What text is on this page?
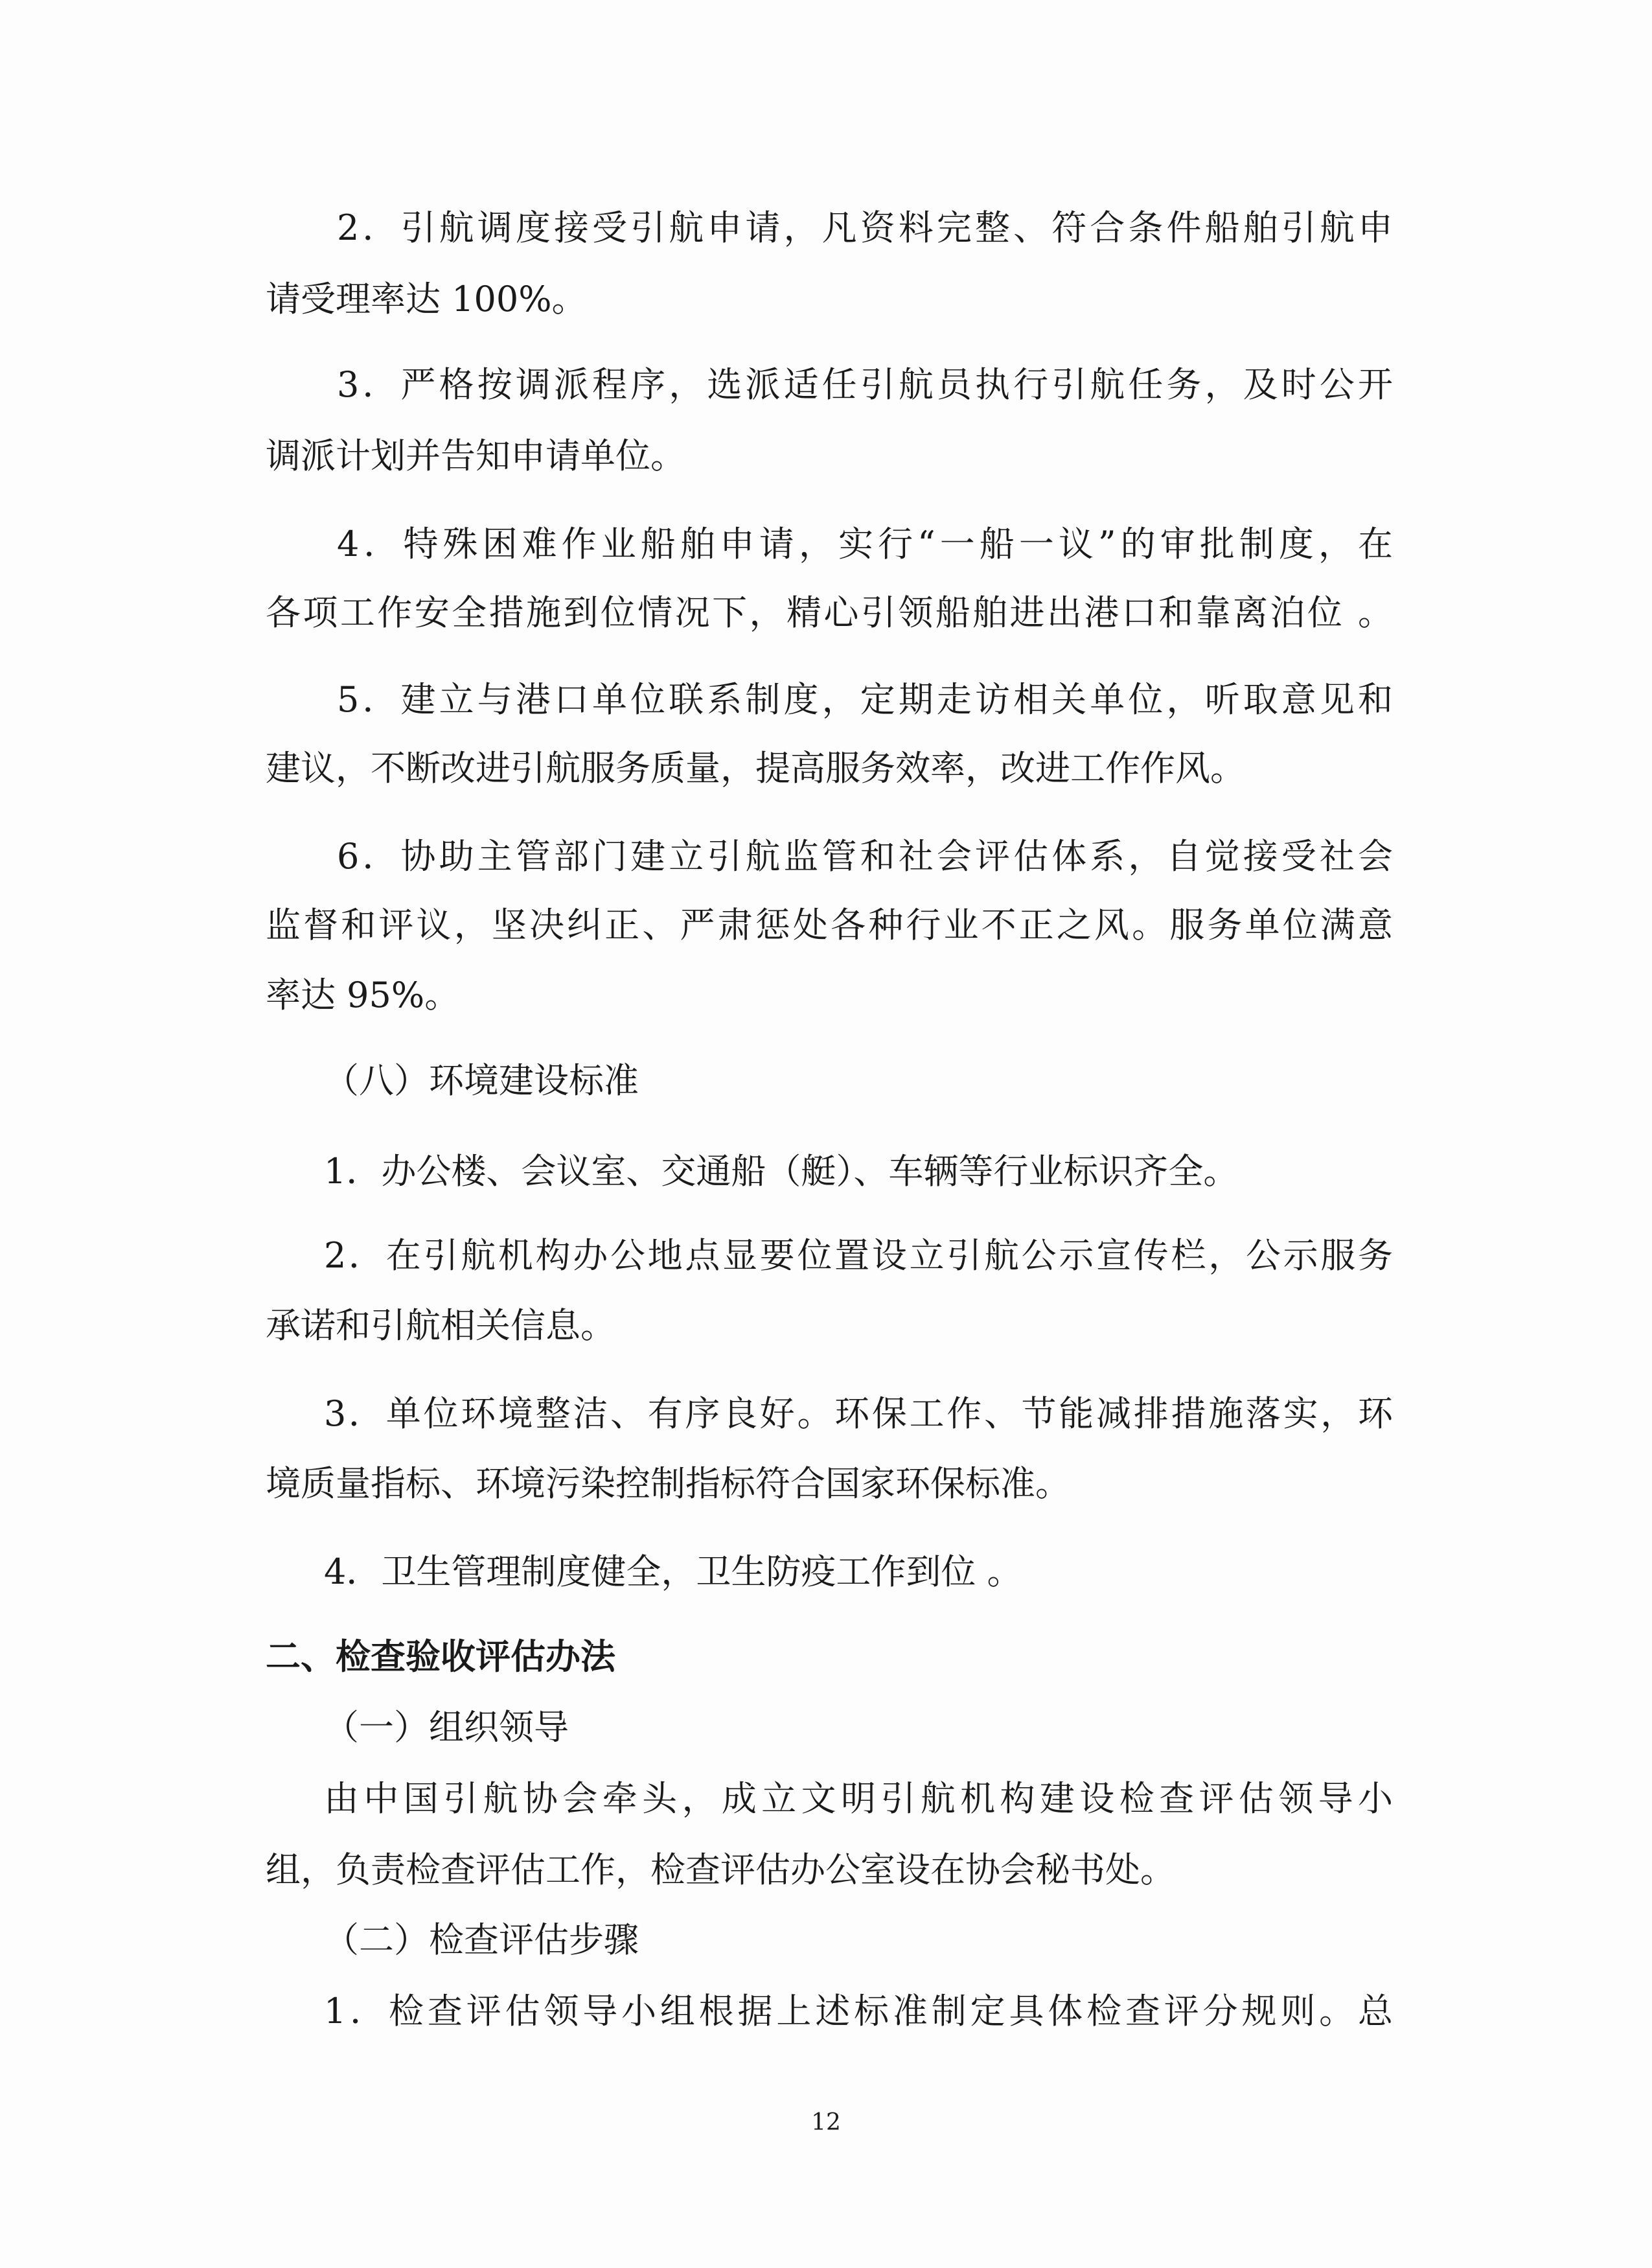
2．引航调度接受引航申请，凡资料完整、符合条件船舶引航申
请受理率达 100%。
3．严格按调派程序，选派适任引航员执行引航任务，及时公开
调派计划并告知申请单位。
4．特殊困难作业船舶申请，实行“一船一议”的审批制度，在
各项工作安全措施到位情况下，精心引领船舶进出港口和靠离泊位 。
5．建立与港口单位联系制度，定期走访相关单位，听取意见和
建议，不断改进引航服务质量，提高服务效率，改进工作作风。
6．协助主管部门建立引航监管和社会评估体系，自觉接受社会
监督和评议，坚决纠正、严肃惩处各种行业不正之风。服务单位满意
率达 95%。
（八）环境建设标准
1．办公楼、会议室、交通船（艇）、车辆等行业标识齐全。
2．在引航机构办公地点显要位置设立引航公示宣传栏，公示服务
承诺和引航相关信息。
3．单位环境整洁、有序良好。环保工作、节能减排措施落实，环
境质量指标、环境污染控制指标符合国家环保标准。
4．卫生管理制度健全，卫生防疫工作到位 。
二、检查验收评估办法
（一）组织领导
由中国引航协会牵头，成立文明引航机构建设检查评估领导小
组，负责检查评估工作，检查评估办公室设在协会秘书处。
（二）检查评估步骤
1．检查评估领导小组根据上述标准制定具体检查评分规则。总
12
